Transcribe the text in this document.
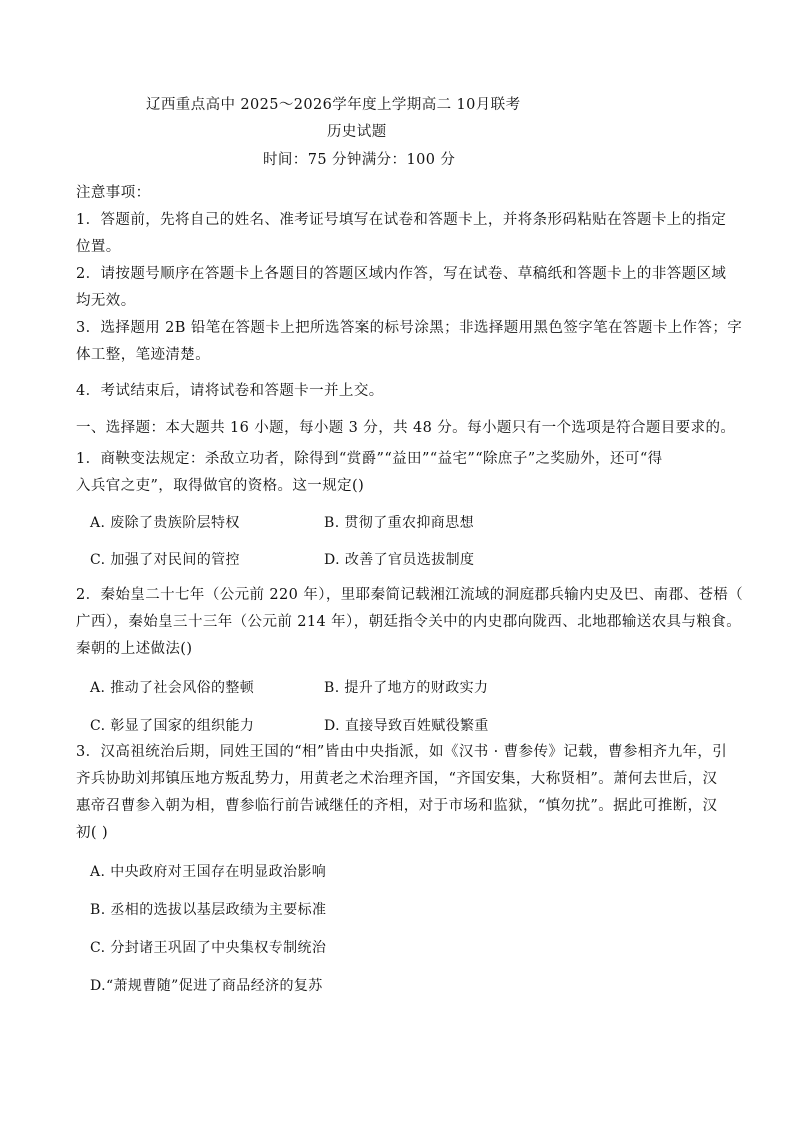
辽西重点高中 2025～2026学年度上学期高二 10月联考
历史试题
时间：75 分钟满分：100 分
注意事项：
1．答题前，先将自己的姓名、准考证号填写在试卷和答题卡上，并将条形码粘贴在答题卡上的指定
位置。
2．请按题号顺序在答题卡上各题目的答题区域内作答，写在试卷、草稿纸和答题卡上的非答题区域
均无效。
3．选择题用 2B 铅笔在答题卡上把所选答案的标号涂黑；非选择题用黑色签字笔在答题卡上作答；字
体工整，笔迹清楚。
4．考试结束后，请将试卷和答题卡一并上交。
一、选择题：本大题共 16 小题，每小题 3 分，共 48 分。每小题只有一个选项是符合题目要求的。
1．商鞅变法规定：杀敌立功者，除得到“赏爵”“益田”“益宅”“除庶子”之奖励外，还可“得
入兵官之吏”，取得做官的资格。这一规定()
A. 废除了贵族阶层特权	B. 贯彻了重农抑商思想
C. 加强了对民间的管控	D. 改善了官员选拔制度
2．秦始皇二十七年（公元前 220 年），里耶秦简记载湘江流域的洞庭郡兵输内史及巴、南郡、苍梧（
广西），秦始皇三十三年（公元前 214 年），朝廷指令关中的内史郡向陇西、北地郡输送农具与粮食。
秦朝的上述做法()
A. 推动了社会风俗的整顿	B. 提升了地方的财政实力
C. 彰显了国家的组织能力	D. 直接导致百姓赋役繁重
3．汉高祖统治后期，同姓王国的“相”皆由中央指派，如《汉书 · 曹参传》记载，曹参相齐九年，引
齐兵协助刘邦镇压地方叛乱势力，用黄老之术治理齐国，“齐国安集，大称贤相”。萧何去世后，汉
惠帝召曹参入朝为相，曹参临行前告诫继任的齐相，对于市场和监狱，“慎勿扰”。据此可推断，汉
初( )
A. 中央政府对王国存在明显政治影响
B. 丞相的选拔以基层政绩为主要标准
C. 分封诸王巩固了中央集权专制统治
D.“萧规曹随”促进了商品经济的复苏
